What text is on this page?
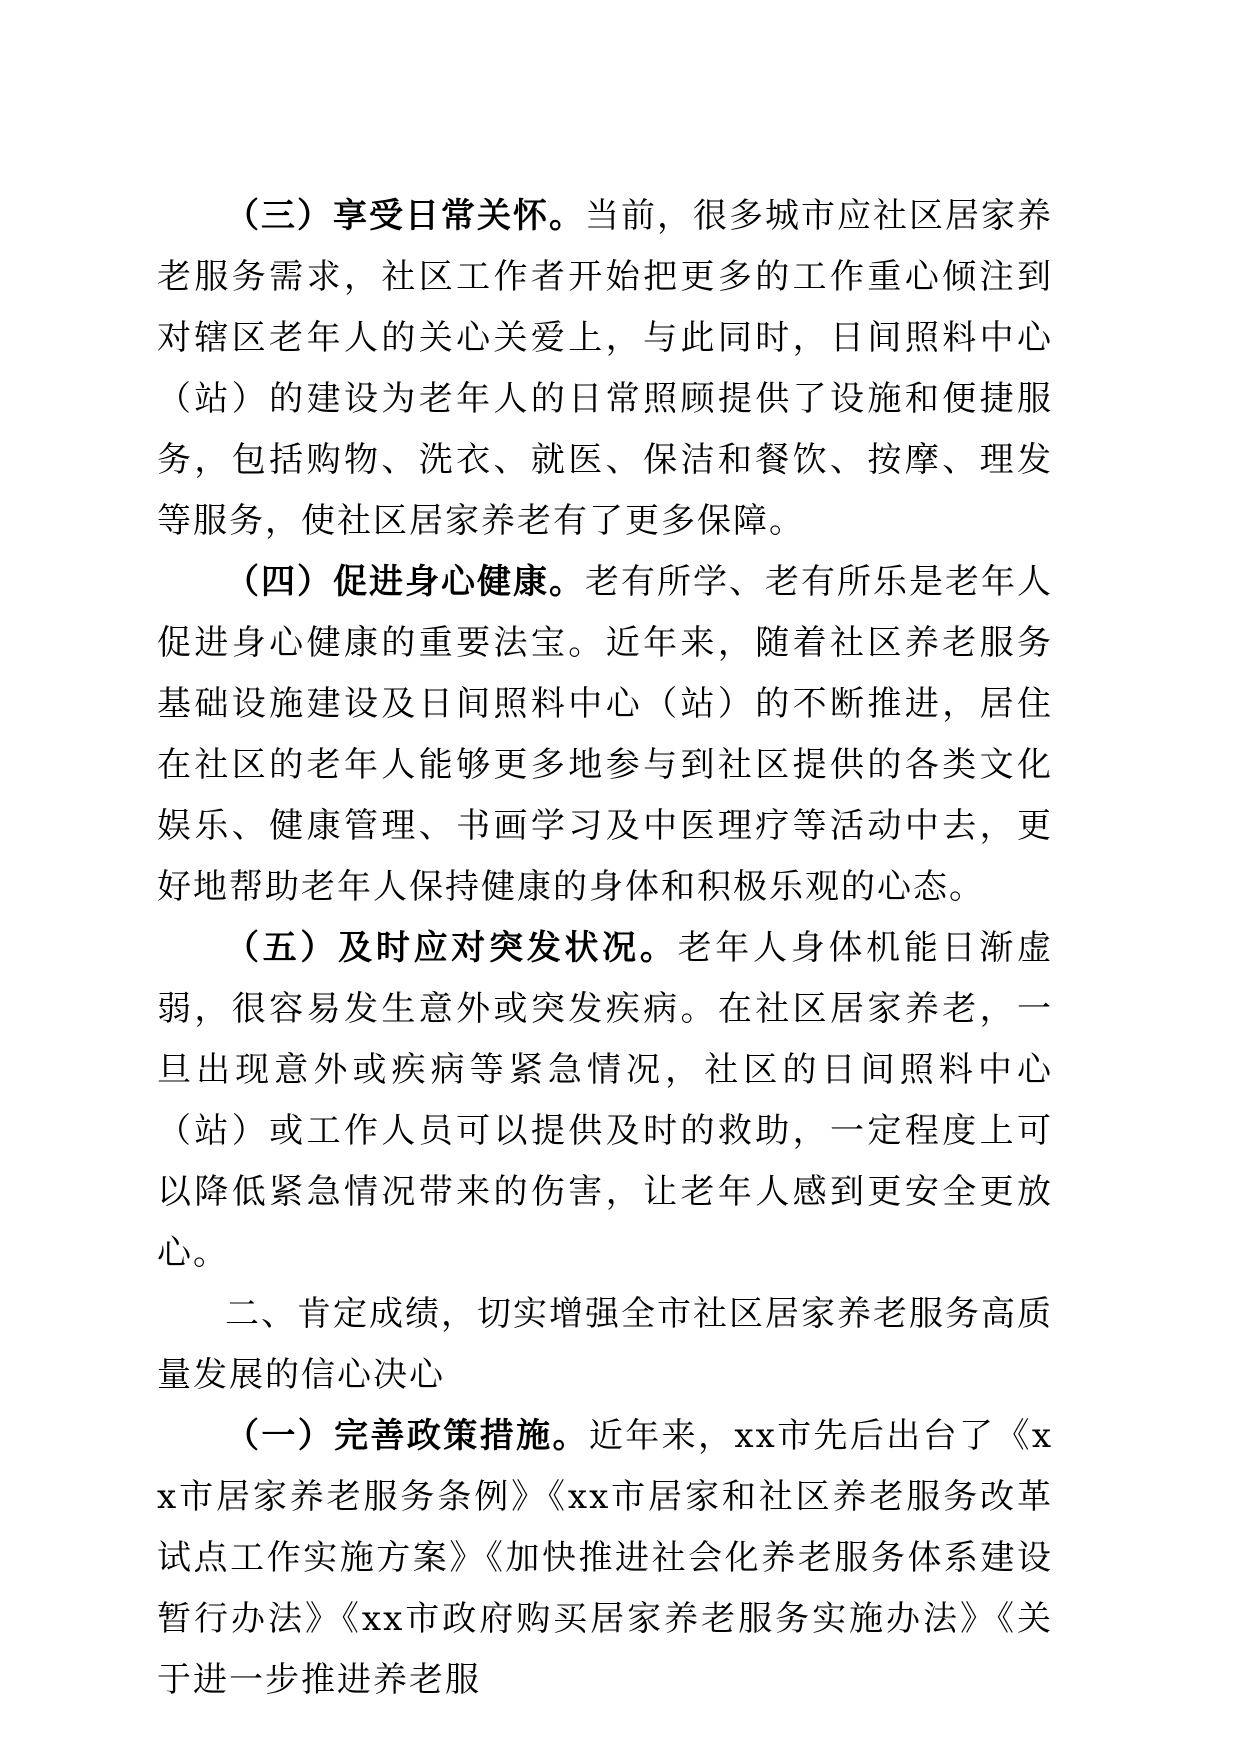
（三）享受日常关怀。当前，很多城市应社区居家养老服务需求，社区工作者开始把更多的工作重心倾注到对辖区老年人的关心关爱上，与此同时，日间照料中心（站）的建设为老年人的日常照顾提供了设施和便捷服务，包括购物、洗衣、就医、保洁和餐饮、按摩、理发等服务，使社区居家养老有了更多保障。

（四）促进身心健康。老有所学、老有所乐是老年人促进身心健康的重要法宝。近年来，随着社区养老服务基础设施建设及日间照料中心（站）的不断推进，居住在社区的老年人能够更多地参与到社区提供的各类文化娱乐、健康管理、书画学习及中医理疗等活动中去，更好地帮助老年人保持健康的身体和积极乐观的心态。

（五）及时应对突发状况。老年人身体机能日渐虚弱，很容易发生意外或突发疾病。在社区居家养老，一旦出现意外或疾病等紧急情况，社区的日间照料中心（站）或工作人员可以提供及时的救助，一定程度上可以降低紧急情况带来的伤害，让老年人感到更安全更放心。

二、肯定成绩，切实增强全市社区居家养老服务高质量发展的信心决心

（一）完善政策措施。近年来，xx市先后出台了《xx市居家养老服务条例》《xx市居家和社区养老服务改革试点工作实施方案》《加快推进社会化养老服务体系建设暂行办法》《xx市政府购买居家养老服务实施办法》《关于进一步推进养老服
